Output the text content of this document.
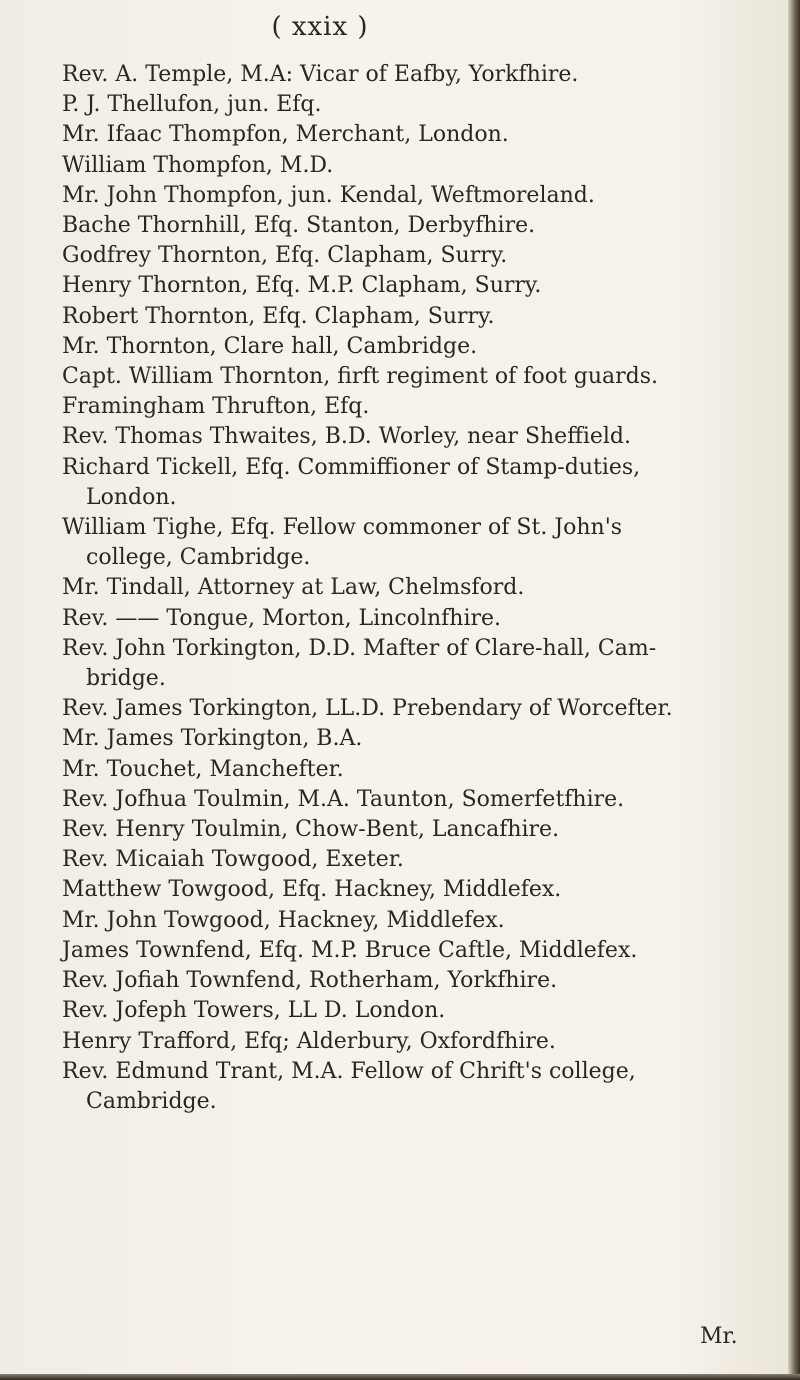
( xxix )
Rev. A. Temple, M.A: Vicar of Eafby, Yorkfhire.
P. J. Thellufon, jun. Efq.
Mr. Ifaac Thompfon, Merchant, London.
William Thompfon, M.D.
Mr. John Thompfon, jun. Kendal, Weftmoreland.
Bache Thornhill, Efq. Stanton, Derbyfhire.
Godfrey Thornton, Efq. Clapham, Surry.
Henry Thornton, Efq. M.P. Clapham, Surry.
Robert Thornton, Efq. Clapham, Surry.
Mr. Thornton, Clare hall, Cambridge.
Capt. William Thornton, firft regiment of foot guards.
Framingham Thrufton, Efq.
Rev. Thomas Thwaites, B.D. Worley, near Sheffield.
Richard Tickell, Efq. Commiffioner of Stamp-duties,
London.
William Tighe, Efq. Fellow commoner of St. John's
college, Cambridge.
Mr. Tindall, Attorney at Law, Chelmsford.
Rev. —— Tongue, Morton, Lincolnfhire.
Rev. John Torkington, D.D. Mafter of Clare-hall, Cam-
bridge.
Rev. James Torkington, LL.D. Prebendary of Worcefter.
Mr. James Torkington, B.A.
Mr. Touchet, Manchefter.
Rev. Jofhua Toulmin, M.A. Taunton, Somerfetfhire.
Rev. Henry Toulmin, Chow-Bent, Lancafhire.
Rev. Micaiah Towgood, Exeter.
Matthew Towgood, Efq. Hackney, Middlefex.
Mr. John Towgood, Hackney, Middlefex.
James Townfend, Efq. M.P. Bruce Caftle, Middlefex.
Rev. Jofiah Townfend, Rotherham, Yorkfhire.
Rev. Jofeph Towers, LL D. London.
Henry Trafford, Efq; Alderbury, Oxfordfhire.
Rev. Edmund Trant, M.A. Fellow of Chrift's college,
Cambridge.
Mr.
